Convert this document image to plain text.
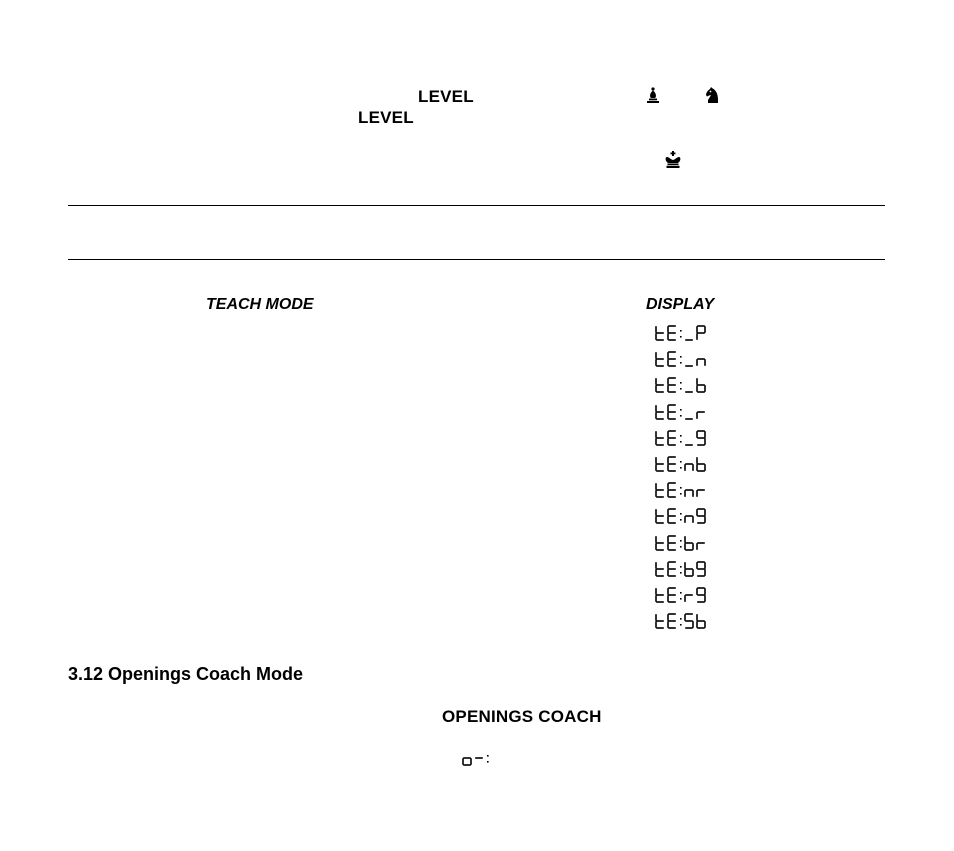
LEVEL
LEVEL
TEACH MODE	DISPLAY
3.12 Openings Coach Mode
OPENINGS COACH
